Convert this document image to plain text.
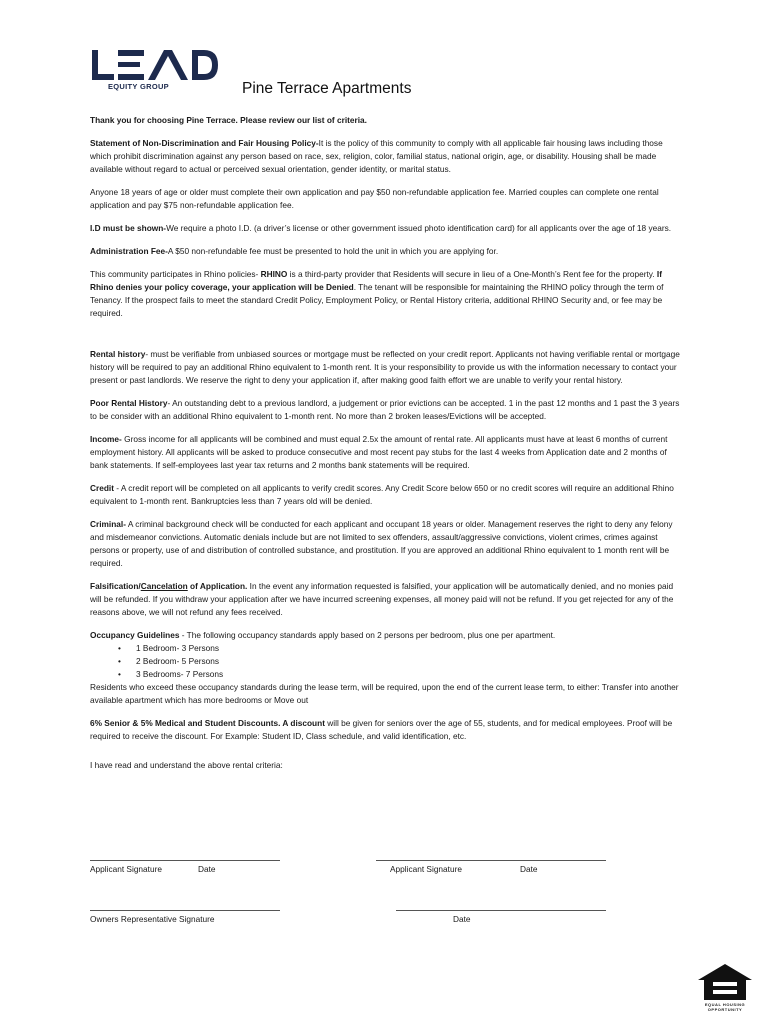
EQUITY GROUP	Pine Terrace Apartments

Thank you for choosing Pine Terrace. Please review our list of criteria.

Statement of Non-Discrimination and Fair Housing Policy-It is the policy of this community to comply with all applicable fair housing laws including those which prohibit discrimination against any person based on race, sex, religion, color, familial status, national origin, age, or disability. Housing shall be made available without regard to actual or perceived sexual orientation, gender identity, or marital status.

Anyone 18 years of age or older must complete their own application and pay $50 non-refundable application fee. Married couples can complete one rental application and pay $75 non-refundable application fee.

I.D must be shown-We require a photo I.D. (a driver’s license or other government issued photo identification card) for all applicants over the age of 18 years.

Administration Fee-A $50 non-refundable fee must be presented to hold the unit in which you are applying for.

This community participates in Rhino policies- RHINO is a third-party provider that Residents will secure in lieu of a One-Month’s Rent fee for the property. If Rhino denies your policy coverage, your application will be Denied. The tenant will be responsible for maintaining the RHINO policy through the term of Tenancy. If the prospect fails to meet the standard Credit Policy, Employment Policy, or Rental History criteria, additional RHINO Security and, or fee may be required.

Rental history- must be verifiable from unbiased sources or mortgage must be reflected on your credit report. Applicants not having verifiable rental or mortgage history will be required to pay an additional Rhino equivalent to 1-month rent. It is your responsibility to provide us with the information necessary to contact your present or past landlords. We reserve the right to deny your application if, after making good faith effort we are unable to verify your rental history.

Poor Rental History- An outstanding debt to a previous landlord, a judgement or prior evictions can be accepted. 1 in the past 12 months and 1 past the 3 years to be consider with an additional Rhino equivalent to 1-month rent. No more than 2 broken leases/Evictions will be accepted.

Income- Gross income for all applicants will be combined and must equal 2.5x the amount of rental rate. All applicants must have at least 6 months of current employment history. All applicants will be asked to produce consecutive and most recent pay stubs for the last 4 weeks from Application date and 2 months of bank statements. If self-employees last year tax returns and 2 months bank statements will be required.

Credit - A credit report will be completed on all applicants to verify credit scores. Any Credit Score below 650 or no credit scores will require an additional Rhino equivalent to 1-month rent. Bankruptcies less than 7 years old will be denied.

Criminal- A criminal background check will be conducted for each applicant and occupant 18 years or older. Management reserves the right to deny any felony and misdemeanor convictions. Automatic denials include but are not limited to sex offenders, assault/aggressive convictions, violent crimes, crimes against persons or property, use of and distribution of controlled substance, and prostitution. If you are approved an additional Rhino equivalent to 1 month rent will be required.

Falsification/Cancelation of Application. In the event any information requested is falsified, your application will be automatically denied, and no monies paid will be refunded. If you withdraw your application after we have incurred screening expenses, all money paid will not be refund. If you get rejected for any of the reasons above, we will not refund any fees received.

Occupancy Guidelines - The following occupancy standards apply based on 2 persons per bedroom, plus one per apartment.

• 1 Bedroom- 3 Persons
• 2 Bedroom- 5 Persons
• 3 Bedrooms- 7 Persons

Residents who exceed these occupancy standards during the lease term, will be required, upon the end of the current lease term, to either: Transfer into another available apartment which has more bedrooms or Move out

6% Senior & 5% Medical and Student Discounts. A discount will be given for seniors over the age of 55, students, and for medical employees. Proof will be required to receive the discount. For Example: Student ID, Class schedule, and valid identification, etc.

I have read and understand the above rental criteria:

Applicant Signature	Date	Applicant Signature	Date
Owners Representative Signature	Date
EQUAL HOUSING OPPORTUNITY
